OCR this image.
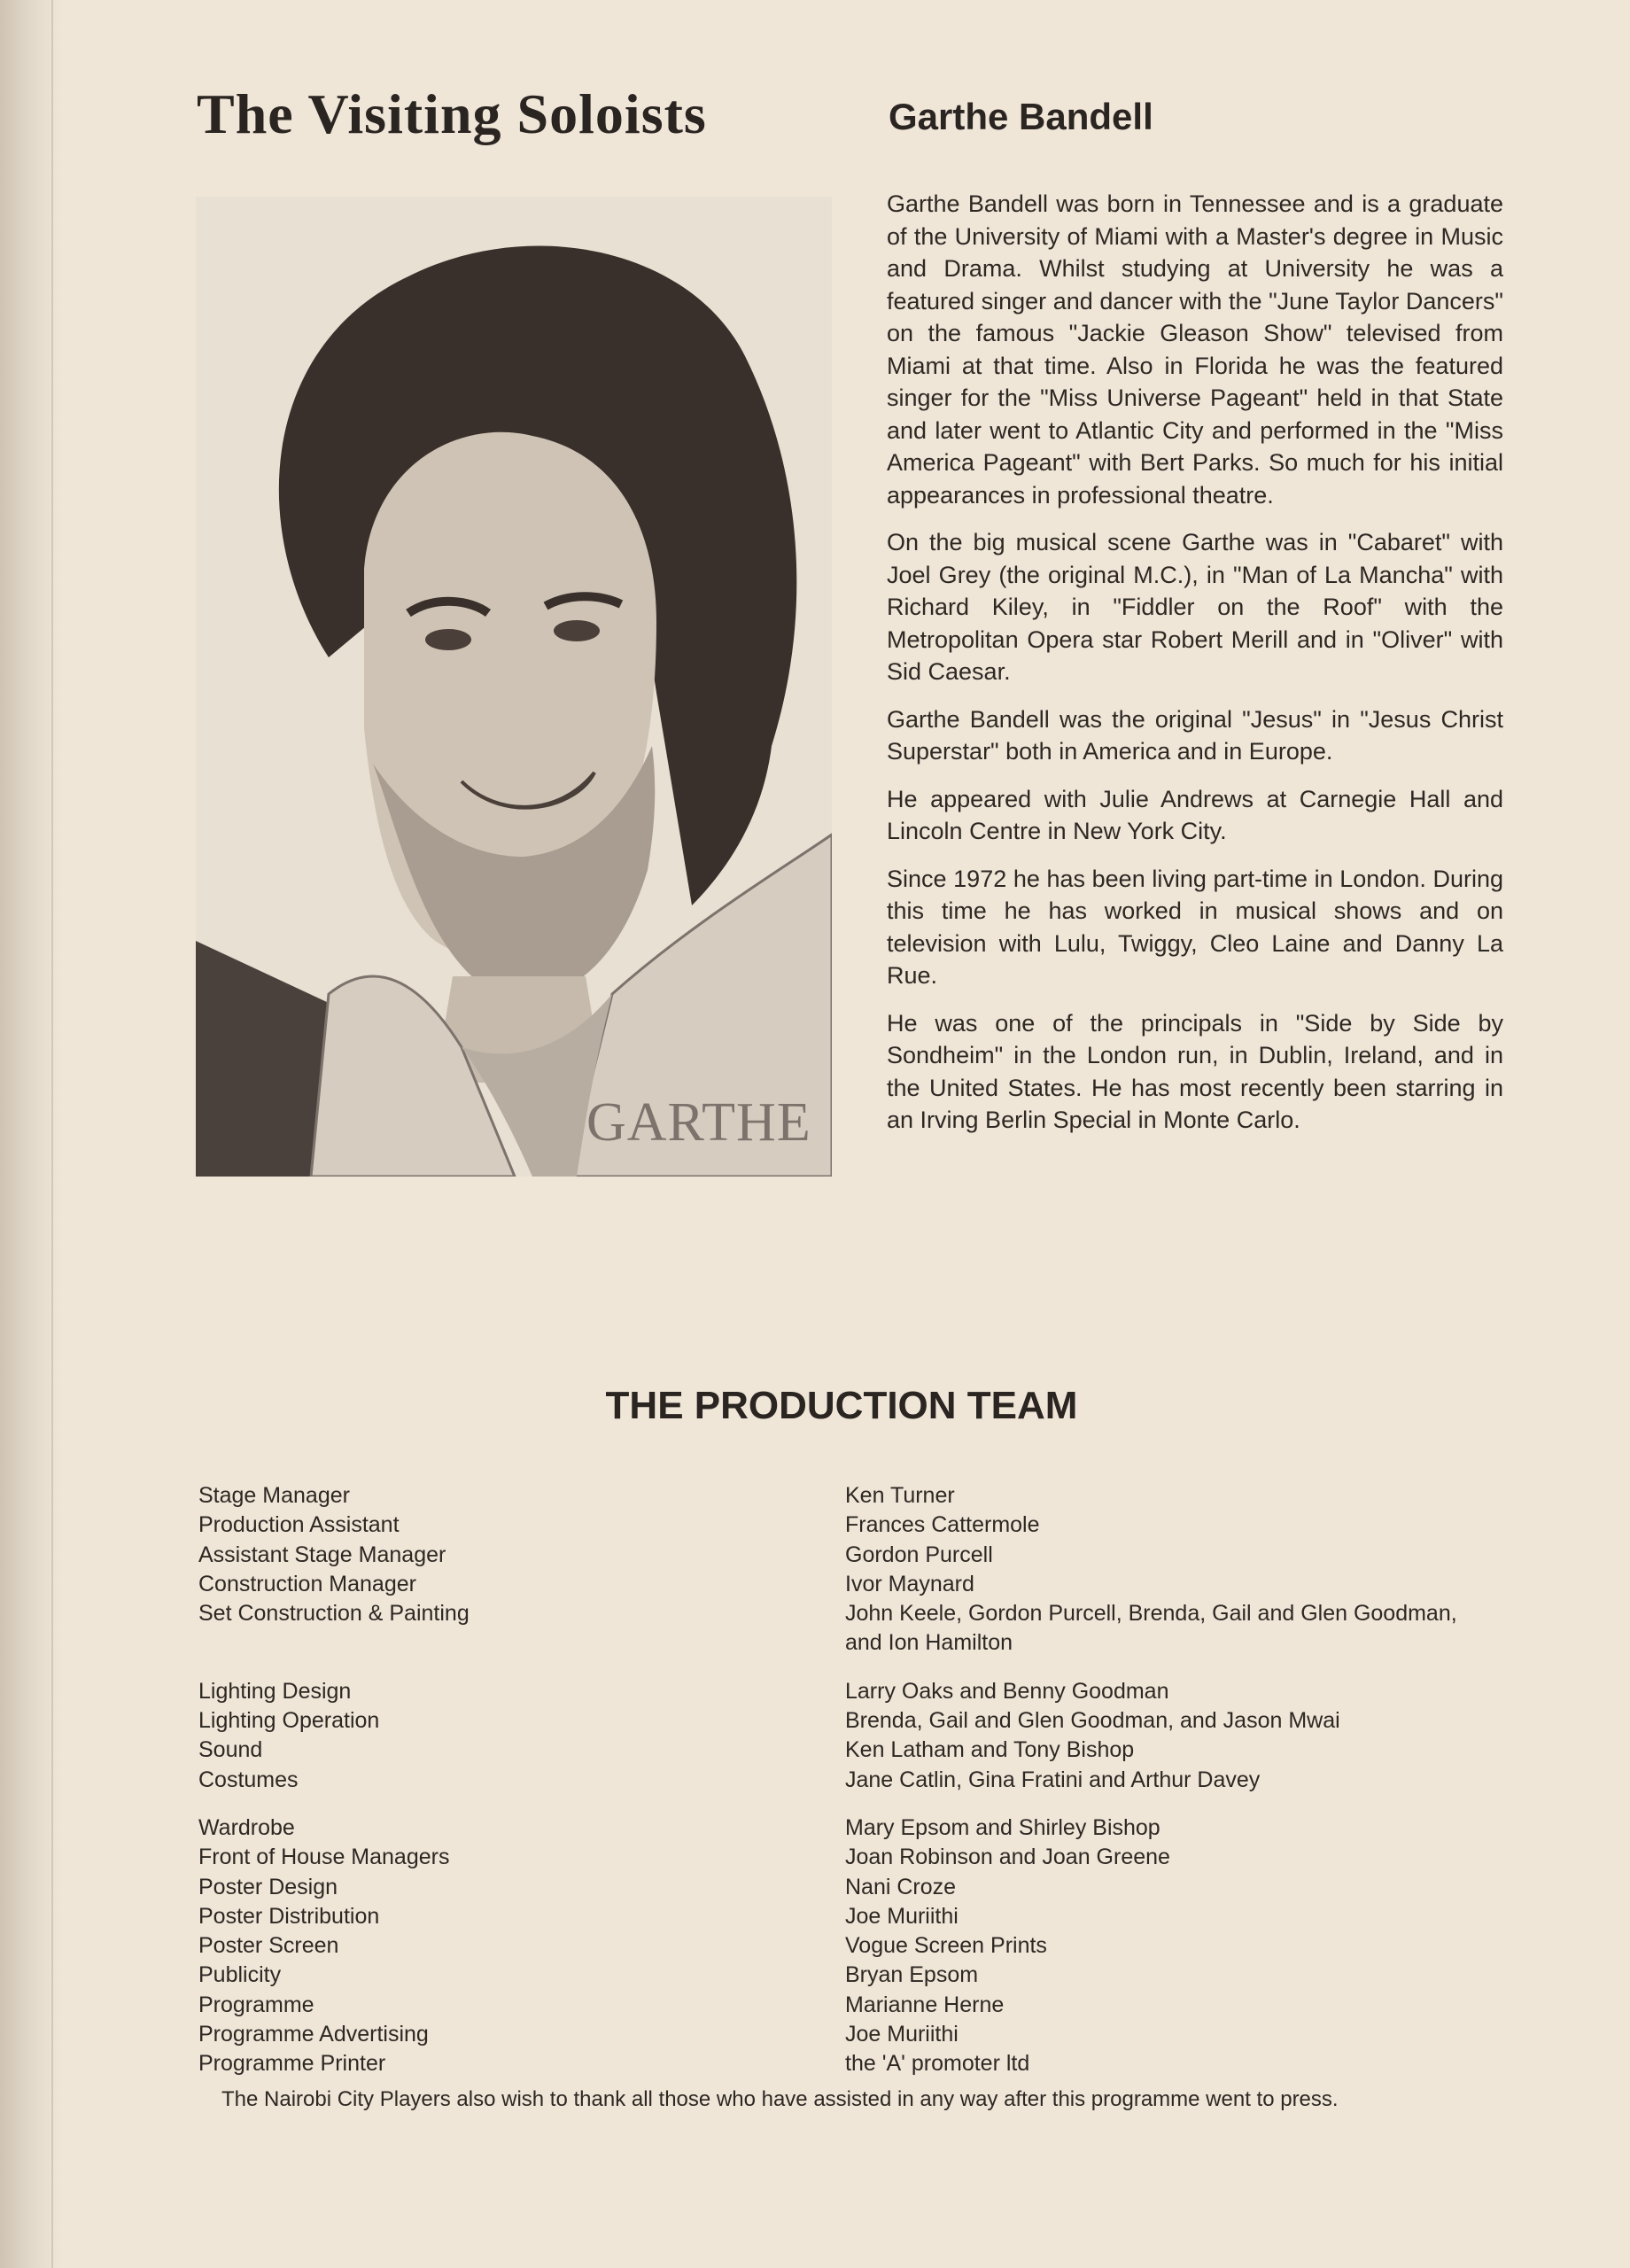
The Visiting Soloists	Garthe Bandell
GARTHE

Garthe Bandell was born in Tennessee and is a graduate of the University of Miami with a Master's degree in Music and Drama. Whilst studying at University he was a featured singer and dancer with the "June Taylor Dancers" on the famous "Jackie Gleason Show" televised from Miami at that time. Also in Florida he was the featured singer for the "Miss Universe Pageant" held in that State and later went to Atlantic City and performed in the "Miss America Pageant" with Bert Parks. So much for his initial appearances in professional theatre.

On the big musical scene Garthe was in "Cabaret" with Joel Grey (the original M.C.), in "Man of La Mancha" with Richard Kiley, in "Fiddler on the Roof" with the Metropolitan Opera star Robert Merill and in "Oliver" with Sid Caesar.

Garthe Bandell was the original "Jesus" in "Jesus Christ Superstar" both in America and in Europe.

He appeared with Julie Andrews at Carnegie Hall and Lincoln Centre in New York City.

Since 1972 he has been living part-time in London. During this time he has worked in musical shows and on television with Lulu, Twiggy, Cleo Laine and Danny La Rue.

He was one of the principals in "Side by Side by Sondheim" in the London run, in Dublin, Ireland, and in the United States. He has most recently been starring in an Irving Berlin Special in Monte Carlo.

THE PRODUCTION TEAM
Stage Manager	Ken Turner
Production Assistant	Frances Cattermole
Assistant Stage Manager	Gordon Purcell
Construction Manager	Ivor Maynard
Set Construction & Painting	John Keele, Gordon Purcell, Brenda, Gail and Glen Goodman,
and Ion Hamilton
Lighting Design	Larry Oaks and Benny Goodman
Lighting Operation	Brenda, Gail and Glen Goodman, and Jason Mwai
Sound	Ken Latham and Tony Bishop
Costumes	Jane Catlin, Gina Fratini and Arthur Davey
Wardrobe	Mary Epsom and Shirley Bishop
Front of House Managers	Joan Robinson and Joan Greene
Poster Design	Nani Croze
Poster Distribution	Joe Muriithi
Poster Screen	Vogue Screen Prints
Publicity	Bryan Epsom
Programme	Marianne Herne
Programme Advertising	Joe Muriithi
Programme Printer	the 'A' promoter ltd

The Nairobi City Players also wish to thank all those who have assisted in any way after this programme went to press.
